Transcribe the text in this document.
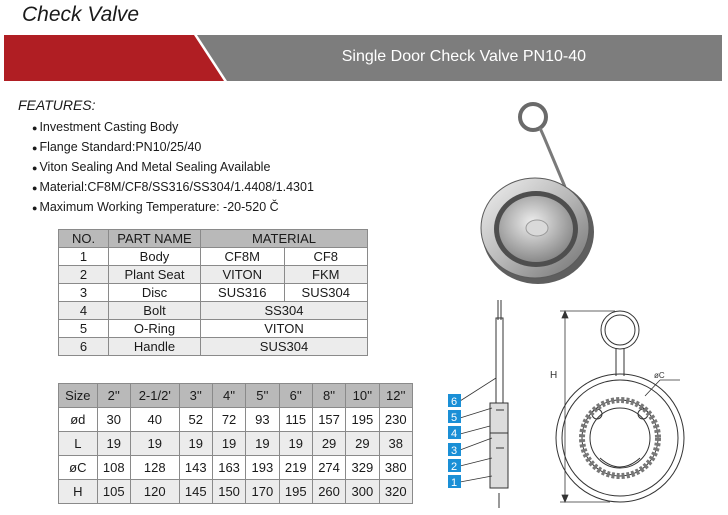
Check Valve
Single Door Check Valve PN10-40
FEATURES:
● Investment Casting Body
● Flange Standard:PN10/25/40
● Viton Sealing And Metal Sealing Available
● Material:CF8M/CF8/SS316/SS304/1.4408/1.4301
● Maximum Working Temperature: -20-520 Č
NO.	PART NAME	MATERIAL	
1	Body	CF8M	CF8
2	Plant Seat	VITON	FKM
3	Disc	SUS316	SUS304
4	Bolt	SS304	
5	O-Ring	VITON	
6	Handle	SUS304	
Size	2''	2-1/2'	3''	4''	5''	6''	8''	10''	12''
ød	30	40	52	72	93	115	157	195	230
L	19	19	19	19	19	19	29	29	38
øC	108	128	143	163	193	219	274	329	380
H	105	120	145	150	170	195	260	300	320
6
5
4
3
2
1
H	øC
